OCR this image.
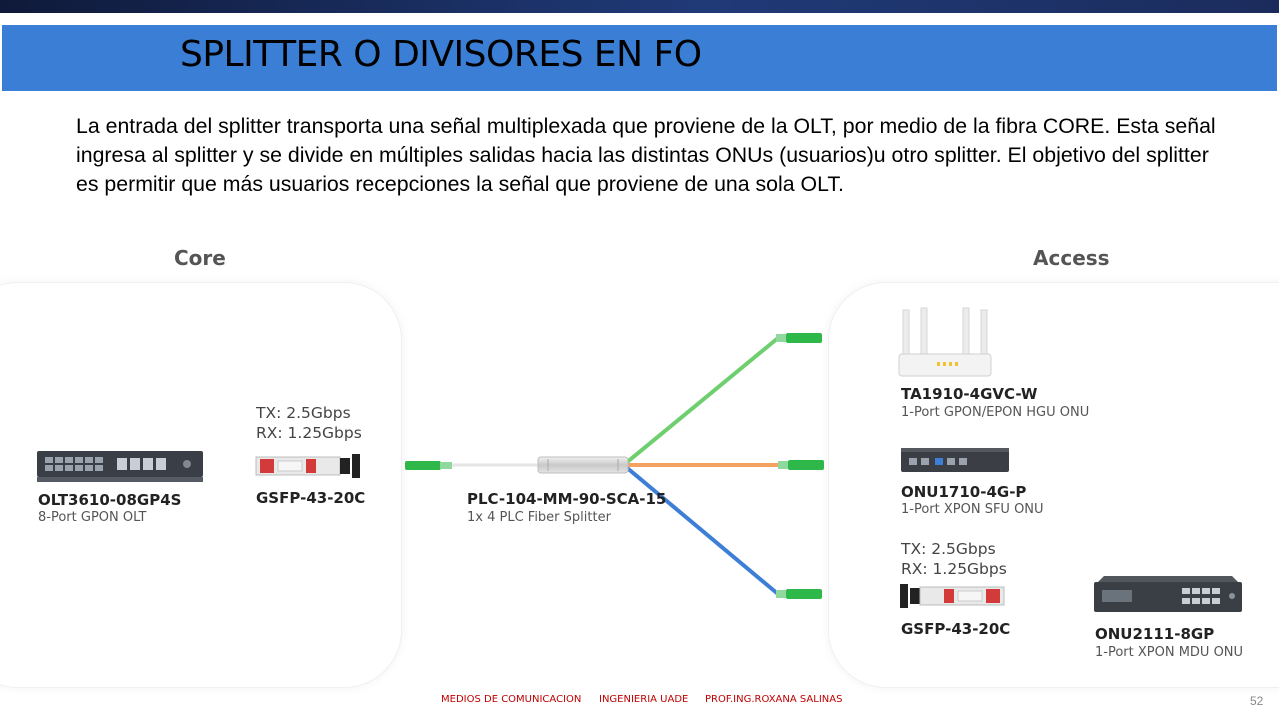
SPLITTER O DIVISORES EN FO
La entrada del splitter transporta una señal multiplexada que proviene de la OLT, por medio de la fibra CORE. Esta señal ingresa al splitter y se divide en múltiples salidas hacia las distintas ONUs (usuarios)u otro splitter. El objetivo del splitter es permitir que más usuarios recepciones la señal que proviene de una sola OLT.
Core	Access
OLT3610-08GP4S
8-Port GPON OLT
TX: 2.5Gbps
RX: 1.25Gbps
GSFP-43-20C	PLC-104-MM-90-SCA-15
1x 4 PLC Fiber Splitter
TA1910-4GVC-W
1-Port GPON/EPON HGU ONU
ONU1710-4G-P
1-Port XPON SFU ONU
TX: 2.5Gbps
RX: 1.25Gbps
GSFP-43-20C	ONU2111-8GP
1-Port XPON MDU ONU
MEDIOS DE COMUNICACION INGENIERIA UADE PROF.ING.ROXANA SALINAS	52
